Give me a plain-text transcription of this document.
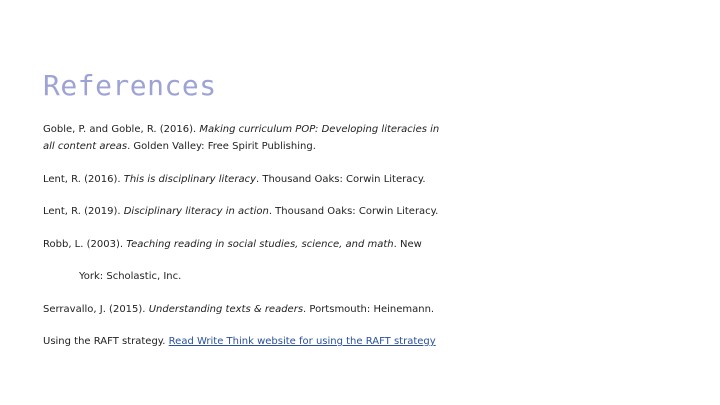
References
Goble, P. and Goble, R. (2016). Making curriculum POP: Developing literacies in
all content areas. Golden Valley: Free Spirit Publishing.
Lent, R. (2016). This is disciplinary literacy. Thousand Oaks: Corwin Literacy.
Lent, R. (2019). Disciplinary literacy in action. Thousand Oaks: Corwin Literacy.
Robb, L. (2003). Teaching reading in social studies, science, and math. New
York: Scholastic, Inc.
Serravallo, J. (2015). Understanding texts & readers. Portsmouth: Heinemann.
Using the RAFT strategy. Read Write Think website for using the RAFT strategy
